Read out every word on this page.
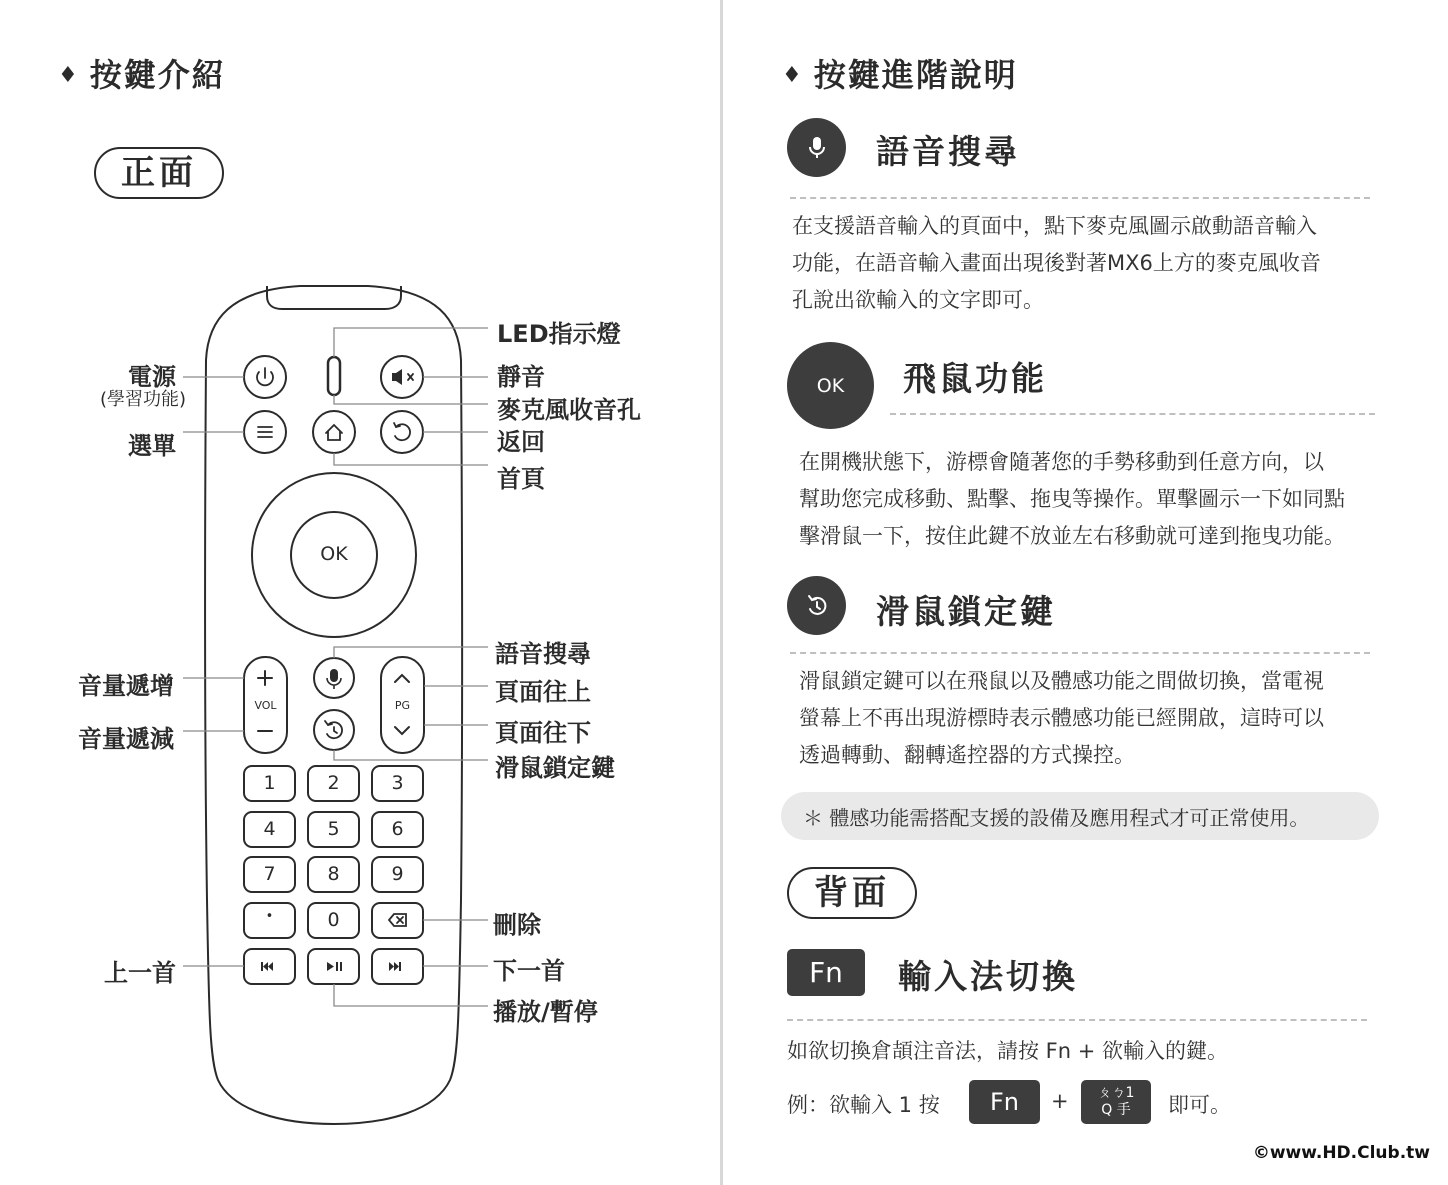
♦ 按鍵介紹
正面
OK
VOL	PG
1	2	3
4	5	6
7	8	9
•	0
電源
(學習功能)
選單
音量遞增
音量遞減
上一首
LED指示燈
靜音
麥克風收音孔
返回
首頁
語音搜尋
頁面往上
頁面往下
滑鼠鎖定鍵
刪除
下一首
播放/暫停
♦ 按鍵進階說明
語音搜尋
在支援語音輸入的頁面中，點下麥克風圖示啟動語音輸入
功能，在語音輸入畫面出現後對著MX6上方的麥克風收音
孔說出欲輸入的文字即可。
OK	飛鼠功能
在開機狀態下，游標會隨著您的手勢移動到任意方向，以
幫助您完成移動、點擊、拖曳等操作。單擊圖示一下如同點
擊滑鼠一下，按住此鍵不放並左右移動就可達到拖曳功能。
滑鼠鎖定鍵
滑鼠鎖定鍵可以在飛鼠以及體感功能之間做切換，當電視
螢幕上不再出現游標時表示體感功能已經開啟，這時可以
透過轉動、翻轉遙控器的方式操控。
＊ 體感功能需搭配支援的設備及應用程式才可正常使用。
背面
Fn	輸入法切換
如欲切換倉頡注音法，請按 Fn + 欲輸入的鍵。
例：欲輸入 1 按	Fn	+ ㄆㄅ1
Q 手 即可。
©www.HD.Club.tw
